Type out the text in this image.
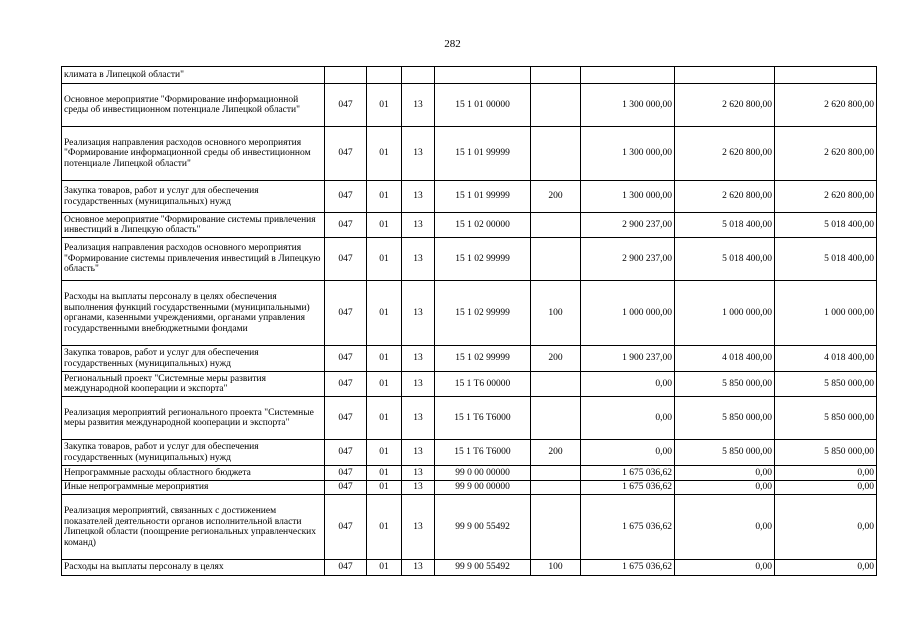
282
климата в Липецкой области"								
Основное мероприятие "Формирование информационной среды об инвестиционном потенциале Липецкой области"	047	01	13	15 1 01 00000		1 300 000,00	2 620 800,00	2 620 800,00
Реализация направления расходов основного мероприятия "Формирование информационной среды об инвестиционном потенциале Липецкой области"	047	01	13	15 1 01 99999		1 300 000,00	2 620 800,00	2 620 800,00
Закупка товаров, работ и услуг для обеспечения государственных (муниципальных) нужд	047	01	13	15 1 01 99999	200	1 300 000,00	2 620 800,00	2 620 800,00
Основное мероприятие "Формирование системы привлечения инвестиций в Липецкую область"	047	01	13	15 1 02 00000		2 900 237,00	5 018 400,00	5 018 400,00
Реализация направления расходов основного мероприятия "Формирование системы привлечения инвестиций в Липецкую область"	047	01	13	15 1 02 99999		2 900 237,00	5 018 400,00	5 018 400,00
Расходы на выплаты персоналу в целях обеспечения выполнения функций государственными (муниципальными) органами, казенными учреждениями, органами управления государственными внебюджетными фондами	047	01	13	15 1 02 99999	100	1 000 000,00	1 000 000,00	1 000 000,00
Закупка товаров, работ и услуг для обеспечения государственных (муниципальных) нужд	047	01	13	15 1 02 99999	200	1 900 237,00	4 018 400,00	4 018 400,00
Региональный проект "Системные меры развития международной кооперации и экспорта"	047	01	13	15 1 T6 00000		0,00	5 850 000,00	5 850 000,00
Реализация мероприятий регионального проекта "Системные меры развития международной кооперации и экспорта"	047	01	13	15 1 T6 T6000		0,00	5 850 000,00	5 850 000,00
Закупка товаров, работ и услуг для обеспечения государственных (муниципальных) нужд	047	01	13	15 1 T6 T6000	200	0,00	5 850 000,00	5 850 000,00
Непрограммные расходы областного бюджета	047	01	13	99 0 00 00000		1 675 036,62	0,00	0,00
Иные непрограммные мероприятия	047	01	13	99 9 00 00000		1 675 036,62	0,00	0,00
Реализация мероприятий, связанных с достижением показателей деятельности органов исполнительной власти Липецкой области (поощрение региональных управленческих команд)	047	01	13	99 9 00 55492		1 675 036,62	0,00	0,00
Расходы на выплаты персоналу в целях	047	01	13	99 9 00 55492	100	1 675 036,62	0,00	0,00
